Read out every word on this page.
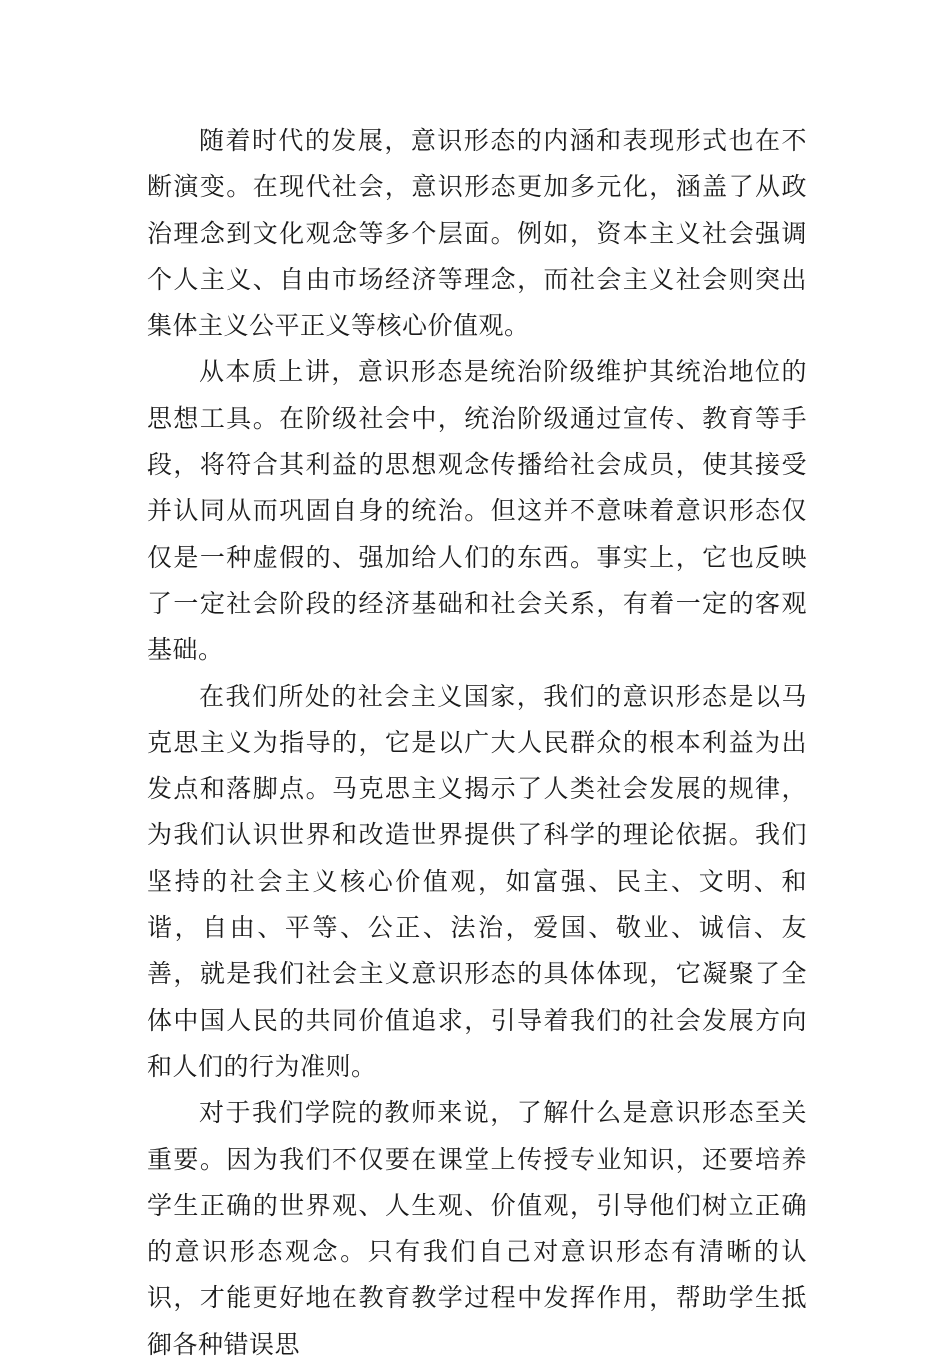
随着时代的发展，意识形态的内涵和表现形式也在不断演变。在现代社会，意识形态更加多元化，涵盖了从政治理念到文化观念等多个层面。例如，资本主义社会强调个人主义、自由市场经济等理念，而社会主义社会则突出集体主义公平正义等核心价值观。

从本质上讲，意识形态是统治阶级维护其统治地位的思想工具。在阶级社会中，统治阶级通过宣传、教育等手段，将符合其利益的思想观念传播给社会成员，使其接受并认同从而巩固自身的统治。但这并不意味着意识形态仅仅是一种虚假的、强加给人们的东西。事实上，它也反映了一定社会阶段的经济基础和社会关系，有着一定的客观基础。

在我们所处的社会主义国家，我们的意识形态是以马克思主义为指导的，它是以广大人民群众的根本利益为出发点和落脚点。马克思主义揭示了人类社会发展的规律，为我们认识世界和改造世界提供了科学的理论依据。我们坚持的社会主义核心价值观，如富强、民主、文明、和谐，自由、平等、公正、法治，爱国、敬业、诚信、友善，就是我们社会主义意识形态的具体体现，它凝聚了全体中国人民的共同价值追求，引导着我们的社会发展方向和人们的行为准则。

对于我们学院的教师来说，了解什么是意识形态至关重要。因为我们不仅要在课堂上传授专业知识，还要培养学生正确的世界观、人生观、价值观，引导他们树立正确的意识形态观念。只有我们自己对意识形态有清晰的认识，才能更好地在教育教学过程中发挥作用，帮助学生抵御各种错误思
